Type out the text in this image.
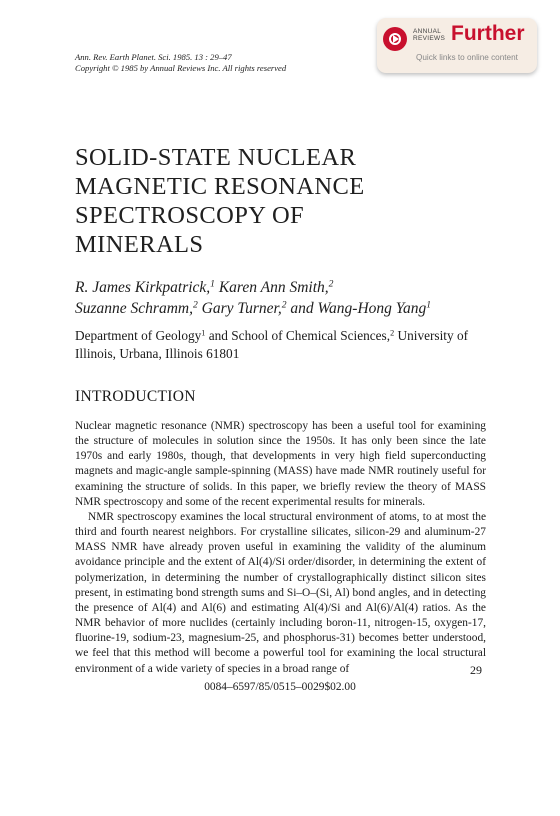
Ann. Rev. Earth Planet. Sci. 1985. 13 : 29–47
Copyright © 1985 by Annual Reviews Inc. All rights reserved
ANNUAL
REVIEWS Further
Quick links to online content
SOLID-STATE NUCLEAR
MAGNETIC RESONANCE
SPECTROSCOPY OF
MINERALS
R. James Kirkpatrick,$^1$ Karen Ann Smith,$^2$
Suzanne Schramm,$^2$ Gary Turner,$^2$ and Wang-Hong Yang$^1$
Department of Geology$^1$ and School of Chemical Sciences,$^2$ University of Illinois, Urbana, Illinois 61801
INTRODUCTION

Nuclear magnetic resonance (NMR) spectroscopy has been a useful tool for examining the structure of molecules in solution since the 1950s. It has only been since the late 1970s and early 1980s, though, that developments in very high field superconducting magnets and magic-angle sample-spinning (MASS) have made NMR routinely useful for examining the structure of solids. In this paper, we briefly review the theory of MASS NMR spectroscopy and some of the recent experimental results for minerals.

NMR spectroscopy examines the local structural environment of atoms, to at most the third and fourth nearest neighbors. For crystalline silicates, silicon-29 and aluminum-27 MASS NMR have already proven useful in examining the validity of the aluminum avoidance principle and the extent of Al(4)/Si order/disorder, in determining the extent of polymerization, in determining the number of crystallographically distinct silicon sites present, in estimating bond strength sums and Si–O–(Si, Al) bond angles, and in detecting the presence of Al(4) and Al(6) and estimating Al(4)/Si and Al(6)/Al(4) ratios. As the NMR behavior of more nuclides (certainly including boron-11, nitrogen-15, oxygen-17, fluorine-19, sodium-23, magnesium-25, and phosphorus-31) becomes better understood, we feel that this method will become a powerful tool for examining the local structural environment of a wide variety of species in a broad range of	29
0084–6597/85/0515–0029$02.00
